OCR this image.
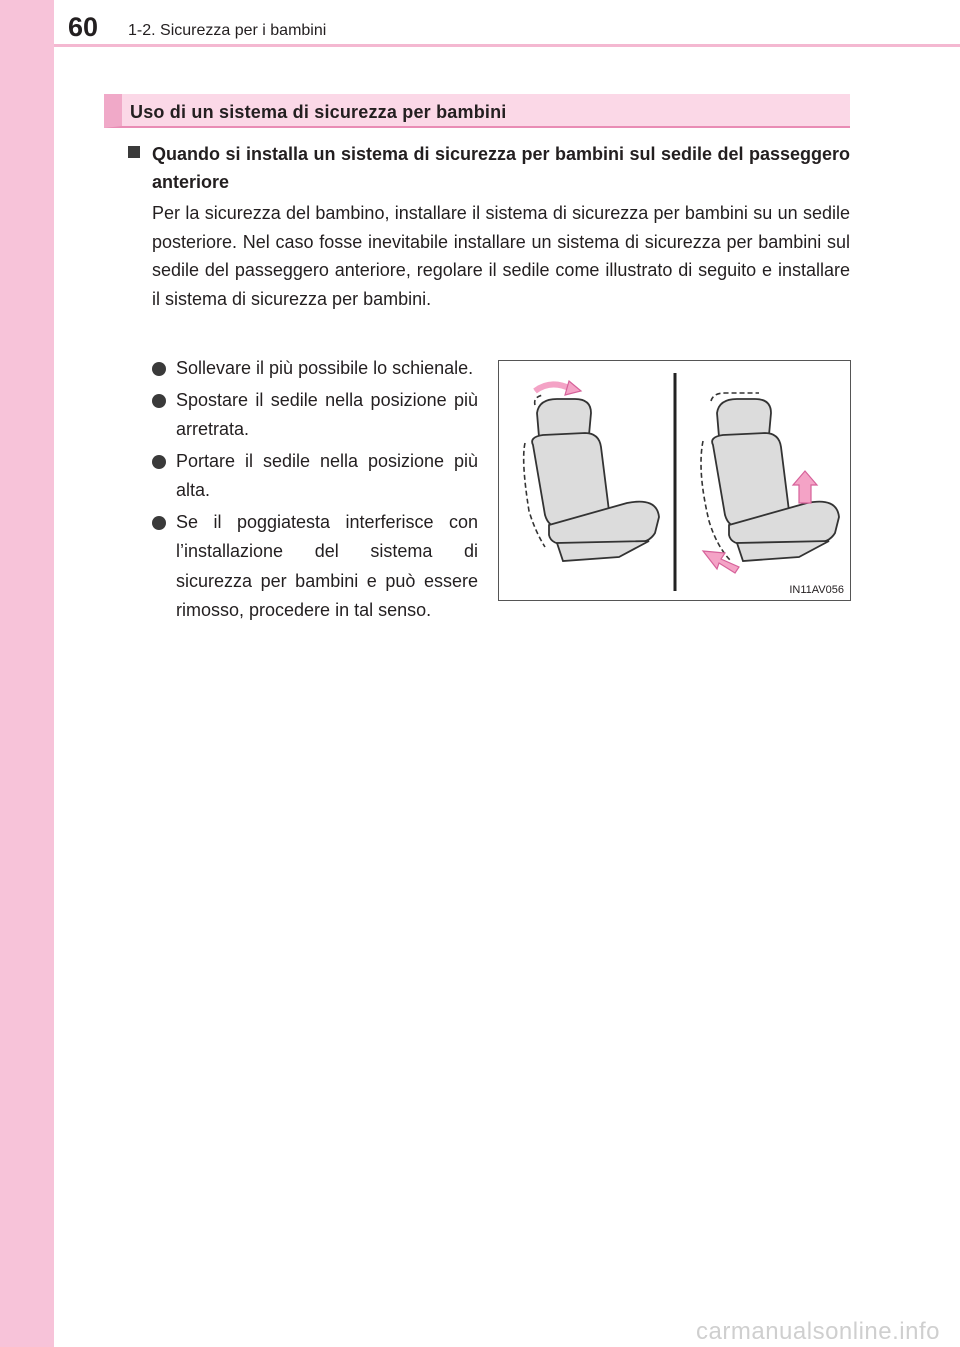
60 1-2. Sicurezza per i bambini
Uso di un sistema di sicurezza per bambini
Quando si installa un sistema di sicurezza per bambini sul sedile del passeggero anteriore
Per la sicurezza del bambino, installare il sistema di sicurezza per bambini su un sedile posteriore. Nel caso fosse inevitabile installare un sistema di sicurezza per bambini sul sedile del passeggero anteriore, regolare il sedile come illustrato di seguito e installare il sistema di sicurezza per bambini.
Sollevare il più possibile lo schienale.
Spostare il sedile nella posizione più arretrata.
Portare il sedile nella posizione più alta.
Se il poggiatesta interferisce con l’installazione del sistema di sicurezza per bambini e può essere rimosso, procedere in tal senso.
IN11AV056
carmanualsonline.info
